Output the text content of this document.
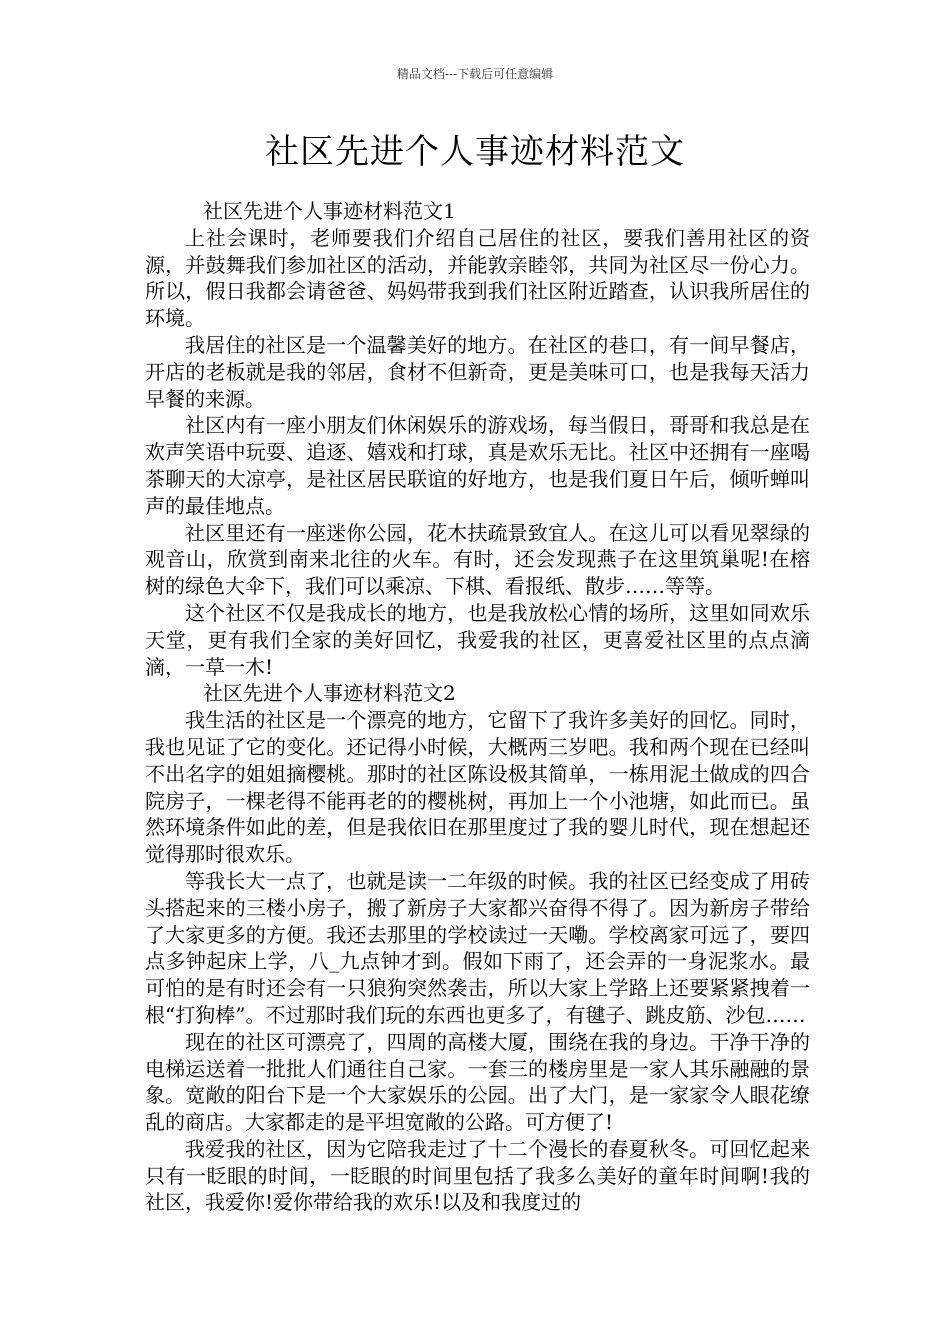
精品文档---下载后可任意编辑
社区先进个人事迹材料范文

社区先进个人事迹材料范文1

上社会课时，老师要我们介绍自己居住的社区，要我们善用社区的资源，并鼓舞我们参加社区的活动，并能敦亲睦邻，共同为社区尽一份心力。所以，假日我都会请爸爸、妈妈带我到我们社区附近踏查，认识我所居住的环境。

我居住的社区是一个温馨美好的地方。在社区的巷口，有一间早餐店，开店的老板就是我的邻居，食材不但新奇，更是美味可口，也是我每天活力早餐的来源。

社区内有一座小朋友们休闲娱乐的游戏场，每当假日，哥哥和我总是在欢声笑语中玩耍、追逐、嬉戏和打球，真是欢乐无比。社区中还拥有一座喝茶聊天的大凉亭，是社区居民联谊的好地方，也是我们夏日午后，倾听蝉叫声的最佳地点。

社区里还有一座迷你公园，花木扶疏景致宜人。在这儿可以看见翠绿的观音山，欣赏到南来北往的火车。有时，还会发现燕子在这里筑巢呢!在榕树的绿色大伞下，我们可以乘凉、下棋、看报纸、散步……等等。

这个社区不仅是我成长的地方，也是我放松心情的场所，这里如同欢乐天堂，更有我们全家的美好回忆，我爱我的社区，更喜爱社区里的点点滴滴，一草一木!

社区先进个人事迹材料范文2

我生活的社区是一个漂亮的地方，它留下了我许多美好的回忆。同时，我也见证了它的变化。还记得小时候，大概两三岁吧。我和两个现在已经叫不出名字的姐姐摘樱桃。那时的社区陈设极其简单，一栋用泥土做成的四合院房子，一棵老得不能再老的的樱桃树，再加上一个小池塘，如此而已。虽然环境条件如此的差，但是我依旧在那里度过了我的婴儿时代，现在想起还觉得那时很欢乐。

等我长大一点了，也就是读一二年级的时候。我的社区已经变成了用砖头搭起来的三楼小房子，搬了新房子大家都兴奋得不得了。因为新房子带给了大家更多的方便。我还去那里的学校读过一天嘞。学校离家可远了，要四点多钟起床上学，八_九点钟才到。假如下雨了，还会弄的一身泥浆水。最可怕的是有时还会有一只狼狗突然袭击，所以大家上学路上还要紧紧拽着一根“打狗棒”。不过那时我们玩的东西也更多了，有毽子、跳皮筋、沙包……

现在的社区可漂亮了，四周的高楼大厦，围绕在我的身边。干净干净的电梯运送着一批批人们通往自己家。一套三的楼房里是一家人其乐融融的景象。宽敞的阳台下是一个大家娱乐的公园。出了大门，是一家家令人眼花缭乱的商店。大家都走的是平坦宽敞的公路。可方便了!

我爱我的社区，因为它陪我走过了十二个漫长的春夏秋冬。可回忆起来只有一眨眼的时间，一眨眼的时间里包括了我多么美好的童年时间啊!我的社区，我爱你!爱你带给我的欢乐!以及和我度过的
